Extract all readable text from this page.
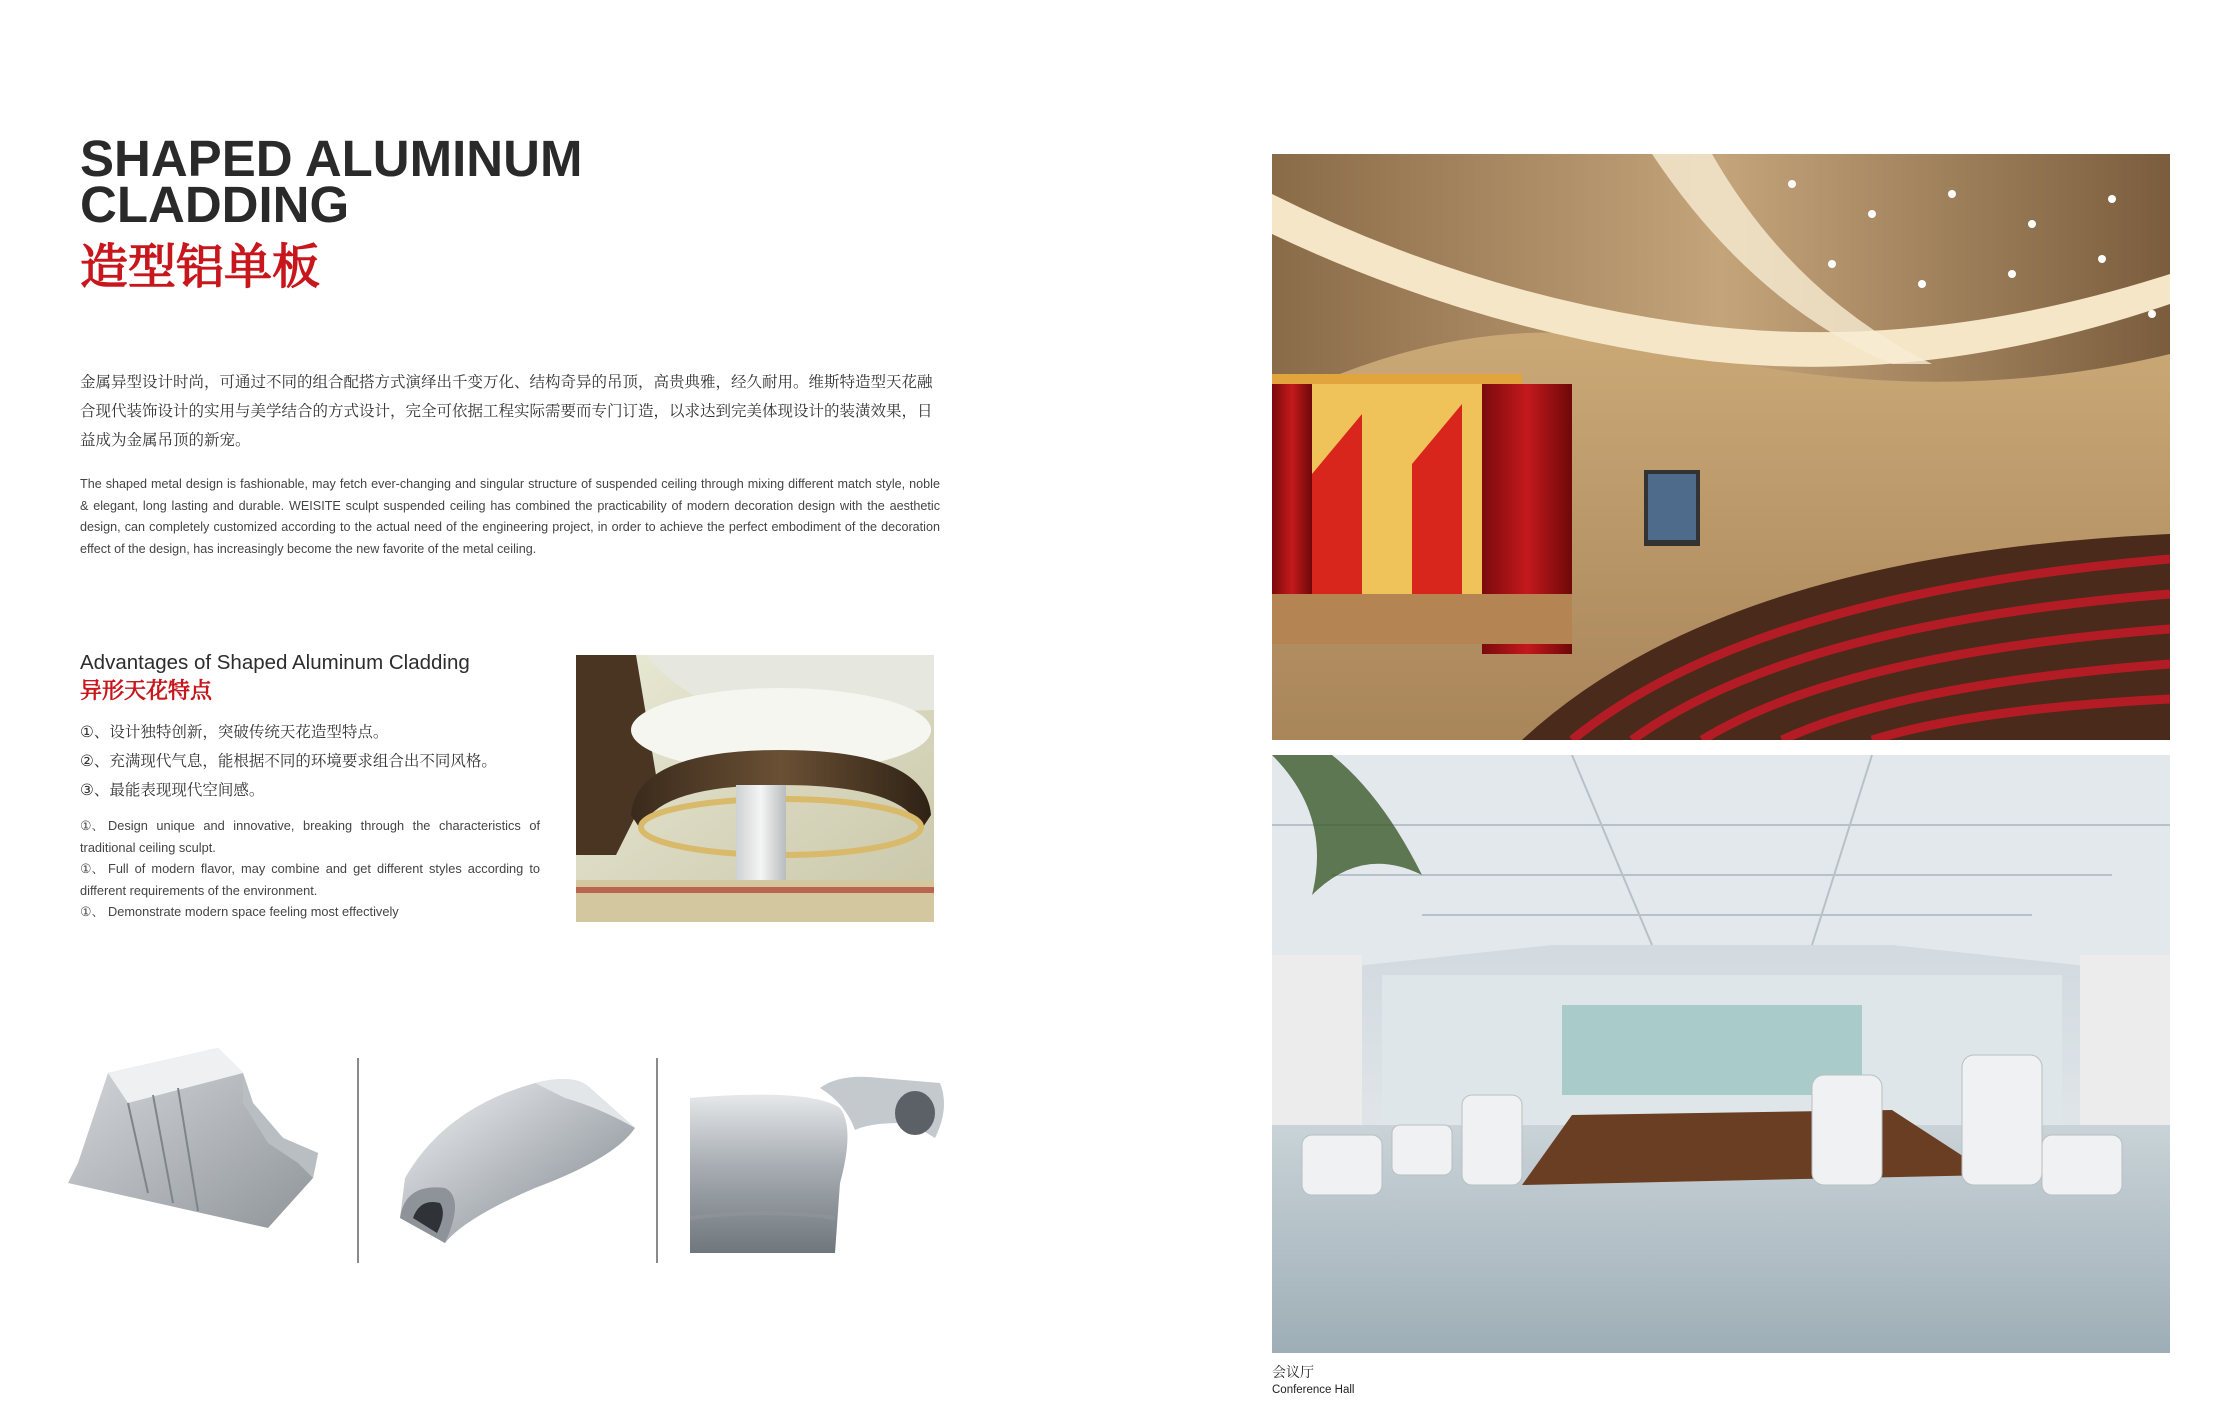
SHAPED ALUMINUM
CLADDING
造型铝单板
金属异型设计时尚，可通过不同的组合配搭方式演绎出千变万化、结构奇异的吊顶，高贵典雅，经久耐用。维斯特造型天花融合现代装饰设计的实用与美学结合的方式设计，完全可依据工程实际需要而专门订造，以求达到完美体现设计的装潢效果，日益成为金属吊顶的新宠。
The shaped metal design is fashionable, may fetch ever-changing and singular structure of suspended ceiling through mixing different match style, noble & elegant, long lasting and durable. WEISITE sculpt suspended ceiling has combined the practicability of modern decoration design with the aesthetic design, can completely customized according to the actual need of the engineering project, in order to achieve the perfect embodiment of the decoration effect of the design, has increasingly become the new favorite of the metal ceiling.
Advantages of Shaped Aluminum Cladding
异形天花特点
①、设计独特创新，突破传统天花造型特点。
②、充满现代气息，能根据不同的环境要求组合出不同风格。
③、最能表现现代空间感。
①、 Design unique and innovative, breaking through the characteristics of traditional ceiling sculpt.
①、 Full of modern flavor, may combine and get different styles according to different requirements of the environment.
①、 Demonstrate modern space feeling most effectively
会议厅
Conference Hall
